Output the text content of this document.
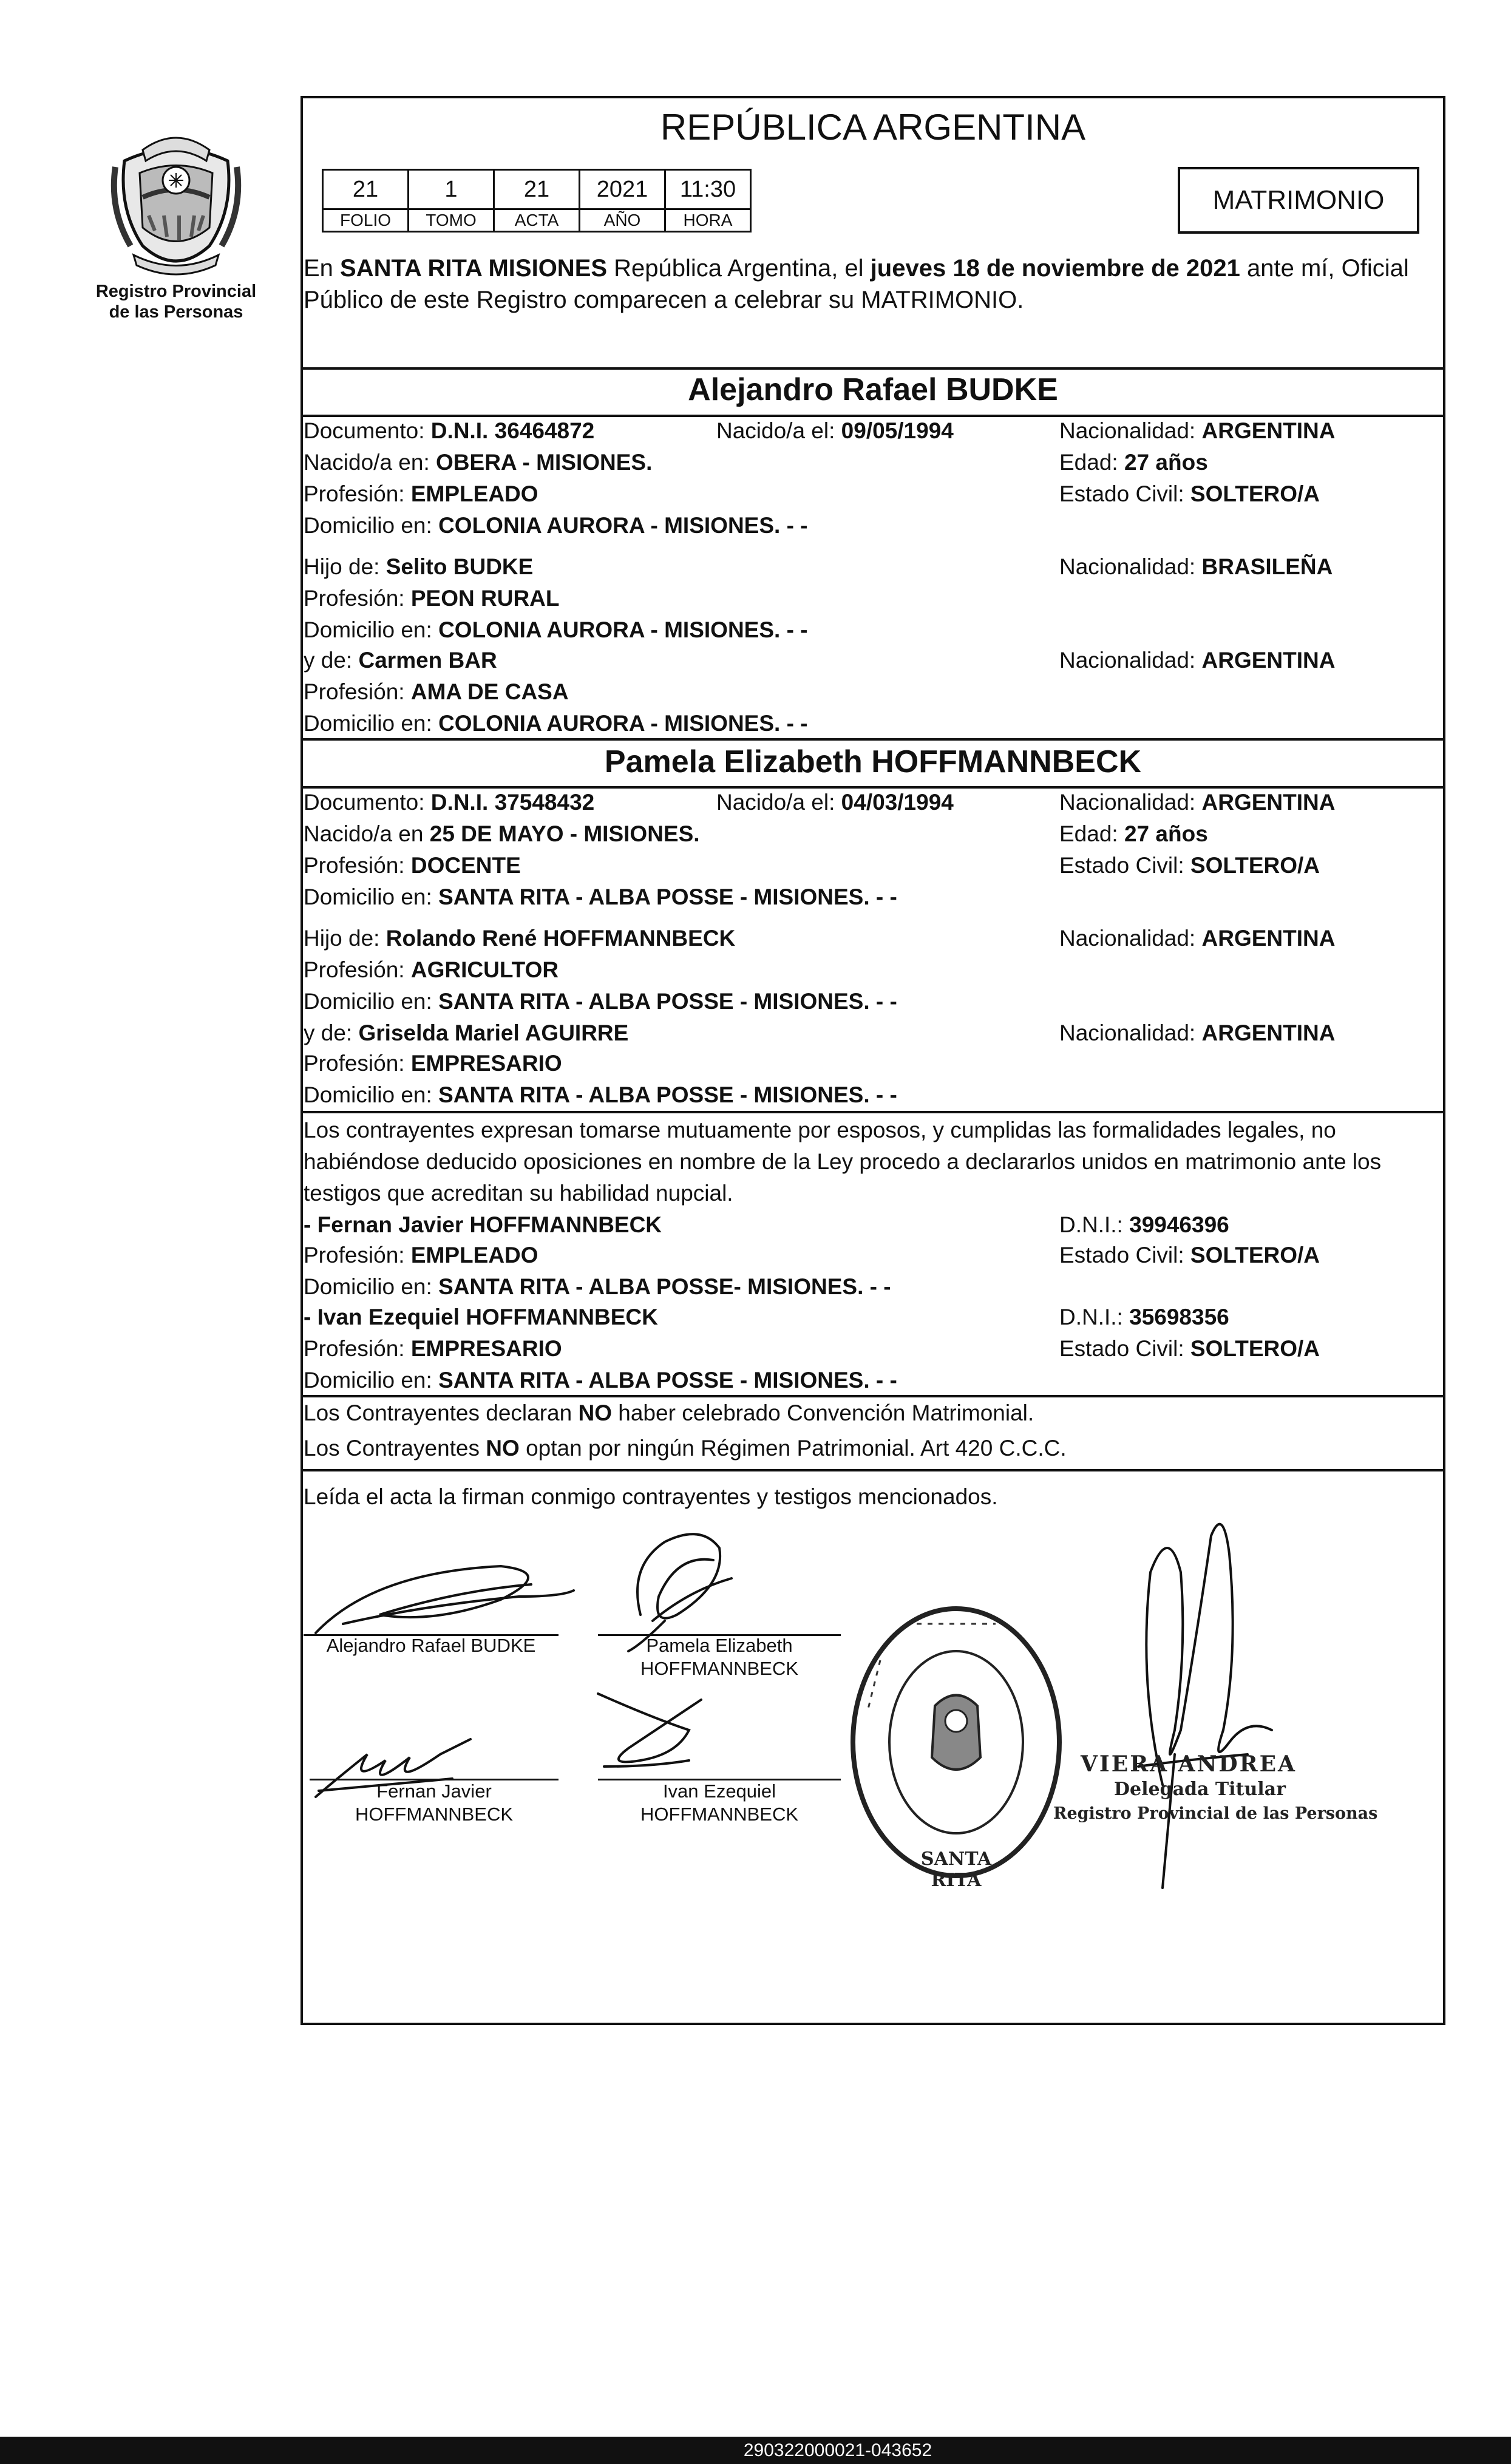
Registro Provincial
de las Personas
REPÚBLICA ARGENTINA
21	1	21	2021	11:30
FOLIO	TOMO	ACTA	AÑO	HORA
MATRIMONIO
En SANTA RITA MISIONES República Argentina, el jueves 18 de noviembre de 2021 ante mí, Oficial Público de este Registro comparecen a celebrar su MATRIMONIO.
Alejandro Rafael BUDKE
Documento: D.N.I. 36464872	Nacido/a el: 09/05/1994	Nacionalidad: ARGENTINA
Nacido/a en: OBERA - MISIONES.	Edad: 27 años
Profesión: EMPLEADO	Estado Civil: SOLTERO/A
Domicilio en: COLONIA AURORA - MISIONES. - -
Hijo de: Selito BUDKE	Nacionalidad: BRASILEÑA
Profesión: PEON RURAL
Domicilio en: COLONIA AURORA - MISIONES. - -
y de: Carmen BAR	Nacionalidad: ARGENTINA
Profesión: AMA DE CASA
Domicilio en: COLONIA AURORA - MISIONES. - -
Pamela Elizabeth HOFFMANNBECK
Documento: D.N.I. 37548432	Nacido/a el: 04/03/1994	Nacionalidad: ARGENTINA
Nacido/a en 25 DE MAYO - MISIONES.	Edad: 27 años
Profesión: DOCENTE	Estado Civil: SOLTERO/A
Domicilio en: SANTA RITA - ALBA POSSE - MISIONES. - -
Hijo de: Rolando René HOFFMANNBECK	Nacionalidad: ARGENTINA
Profesión: AGRICULTOR
Domicilio en: SANTA RITA - ALBA POSSE - MISIONES. - -
y de: Griselda Mariel AGUIRRE	Nacionalidad: ARGENTINA
Profesión: EMPRESARIO
Domicilio en: SANTA RITA - ALBA POSSE - MISIONES. - -
Los contrayentes expresan tomarse mutuamente por esposos, y cumplidas las formalidades legales, no habiéndose deducido oposiciones en nombre de la Ley procedo a declararlos unidos en matrimonio ante los testigos que acreditan su habilidad nupcial.
- Fernan Javier HOFFMANNBECK	D.N.I.: 39946396
Profesión: EMPLEADO	Estado Civil: SOLTERO/A
Domicilio en: SANTA RITA - ALBA POSSE- MISIONES. - -
- Ivan Ezequiel HOFFMANNBECK	D.N.I.: 35698356
Profesión: EMPRESARIO	Estado Civil: SOLTERO/A
Domicilio en: SANTA RITA - ALBA POSSE - MISIONES. - -
Los Contrayentes declaran NO haber celebrado Convención Matrimonial.
Los Contrayentes NO optan por ningún Régimen Patrimonial. Art 420 C.C.C.
Leída el acta la firman conmigo contrayentes y testigos mencionados.
Alejandro Rafael BUDKE	Pamela Elizabeth
HOFFMANNBECK
Fernan Javier
HOFFMANNBECK
Ivan Ezequiel
HOFFMANNBECK
SANTA RITA
VIERA ANDREA
Delegada Titular
Registro Provincial de las Personas
290322000021-043652
